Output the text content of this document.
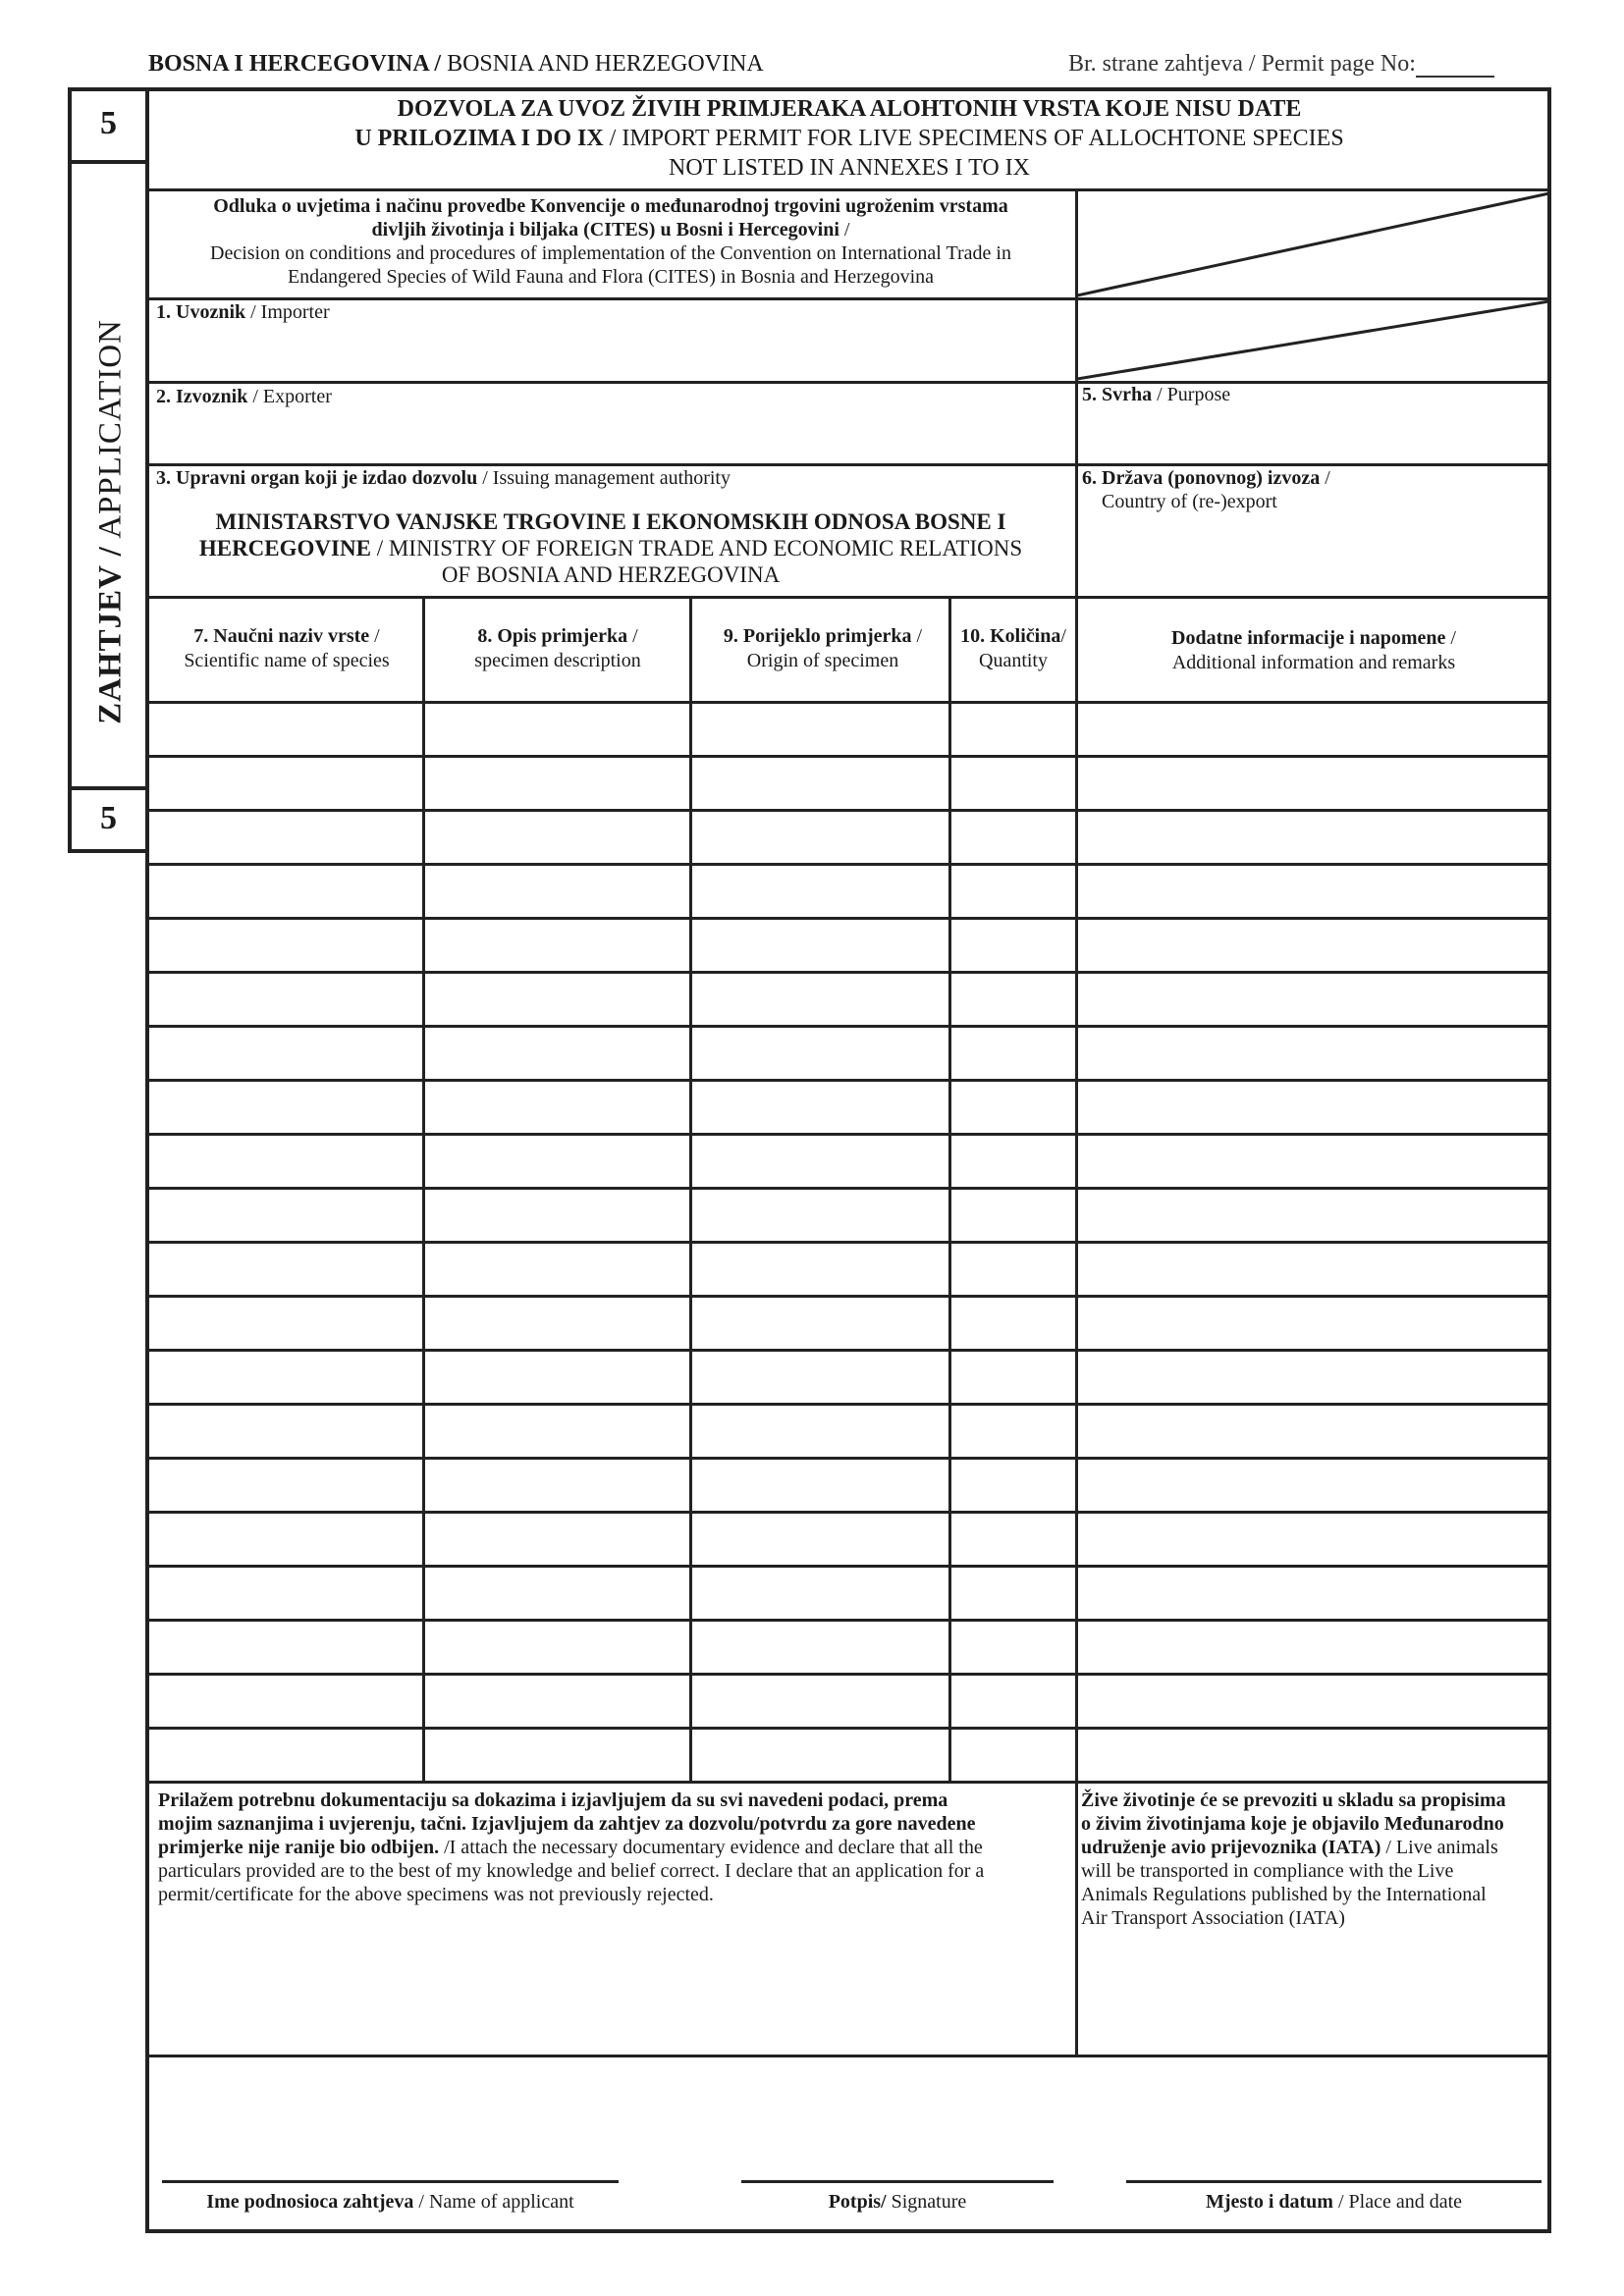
BOSNA I HERCEGOVINA / BOSNIA AND HERZEGOVINA	Br. strane zahtjeva / Permit page No:
5
ZAHTJEV / APPLICATION
5
DOZVOLA ZA UVOZ ŽIVIH PRIMJERAKA ALOHTONIH VRSTA KOJE NISU DATE
U PRILOZIMA I DO IX / IMPORT PERMIT FOR LIVE SPECIMENS OF ALLOCHTONE SPECIES
NOT LISTED IN ANNEXES I TO IX
Odluka o uvjetima i načinu provedbe Konvencije o međunarodnoj trgovini ugroženim vrstama
divljih životinja i biljaka (CITES) u Bosni i Hercegovini /
Decision on conditions and procedures of implementation of the Convention on International Trade in
Endangered Species of Wild Fauna and Flora (CITES) in Bosnia and Herzegovina
1. Uvoznik / Importer
2. Izvoznik / Exporter	5. Svrha / Purpose
3. Upravni organ koji je izdao dozvolu / Issuing management authority
MINISTARSTVO VANJSKE TRGOVINE I EKONOMSKIH ODNOSA BOSNE I
HERCEGOVINE / MINISTRY OF FOREIGN TRADE AND ECONOMIC RELATIONS
OF BOSNIA AND HERZEGOVINA
6. Država (ponovnog) izvoza /
Country of (re-)export
7. Naučni naziv vrste /
Scientific name of species
8. Opis primjerka /
specimen description
9. Porijeklo primjerka /
Origin of specimen
10. Količina/
Quantity
Dodatne informacije i napomene /
Additional information and remarks
Prilažem potrebnu dokumentaciju sa dokazima i izjavljujem da su svi navedeni podaci, prema
mojim saznanjima i uvjerenju, tačni. Izjavljujem da zahtjev za dozvolu/potvrdu za gore navedene
primjerke nije ranije bio odbijen. /I attach the necessary documentary evidence and declare that all the
particulars provided are to the best of my knowledge and belief correct. I declare that an application for a
permit/certificate for the above specimens was not previously rejected.
Žive životinje će se prevoziti u skladu sa propisima
o živim životinjama koje je objavilo Međunarodno
udruženje avio prijevoznika (IATA) / Live animals
will be transported in compliance with the Live
Animals Regulations published by the International
Air Transport Association (IATA)
Ime podnosioca zahtjeva / Name of applicant	Potpis/ Signature	Mjesto i datum / Place and date
